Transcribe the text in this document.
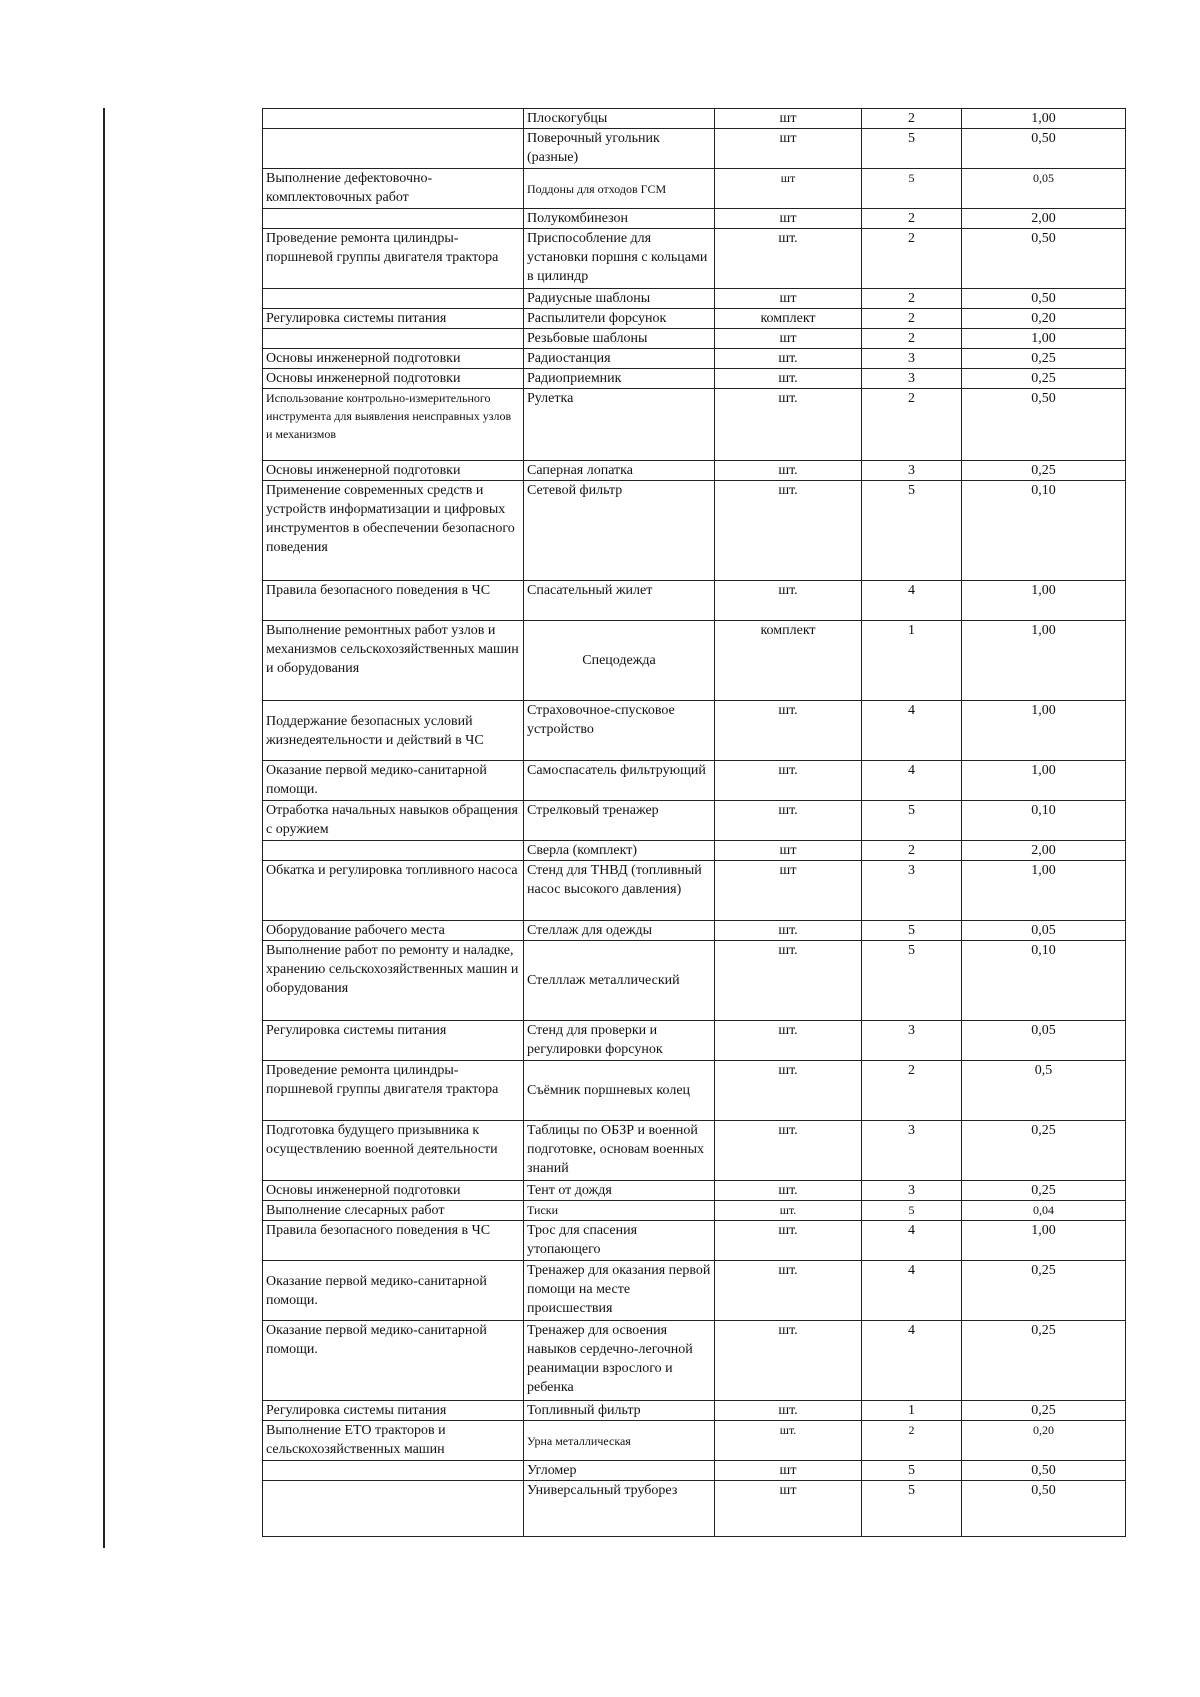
	Плоскогубцы	шт	2	1,00
	Поверочный угольник (разные)	шт	5	0,50
Выполнение дефектовочно-комплектовочных работ	Поддоны для отходов ГСМ	шт	5	0,05
	Полукомбинезон	шт	2	2,00
Проведение ремонта цилиндры-поршневой группы двигателя трактора	Приспособление для установки поршня с кольцами в цилиндр	шт.	2	0,50
	Радиусные шаблоны	шт	2	0,50
Регулировка системы питания	Распылители форсунок	комплект	2	0,20
	Резьбовые шаблоны	шт	2	1,00
Основы инженерной подготовки	Радиостанция	шт.	3	0,25
Основы инженерной подготовки	Радиоприемник	шт.	3	0,25
Использование контрольно-измерительного инструмента для выявления неисправных узлов и механизмов	Рулетка	шт.	2	0,50
Основы инженерной подготовки	Саперная лопатка	шт.	3	0,25
Применение современных средств и устройств информатизации и цифровых инструментов в обеспечении безопасного поведения	Сетевой фильтр	шт.	5	0,10
Правила безопасного поведения в ЧС	Спасательный жилет	шт.	4	1,00
Выполнение ремонтных работ узлов и механизмов сельскохозяйственных машин и оборудования	Спецодежда	комплект	1	1,00
Поддержание безопасных условий жизнедеятельности и действий в ЧС	Страховочное-спусковое устройство	шт.	4	1,00
Оказание первой медико-санитарной помощи.	Самоспасатель фильтрующий	шт.	4	1,00
Отработка начальных навыков обращения с оружием	Стрелковый тренажер	шт.	5	0,10
	Сверла (комплект)	шт	2	2,00
Обкатка и регулировка топливного насоса	Стенд для ТНВД (топливный насос высокого давления)	шт	3	1,00
Оборудование рабочего места	Стеллаж для одежды	шт.	5	0,05
Выполнение работ по ремонту и наладке, хранению сельскохозяйственных машин и оборудования	Стелллаж металлический	шт.	5	0,10
Регулировка системы питания	Стенд для проверки и регулировки форсунок	шт.	3	0,05
Проведение ремонта цилиндры-поршневой группы двигателя трактора	Съёмник поршневых колец	шт.	2	0,5
Подготовка будущего призывника к осуществлению военной деятельности	Таблицы по ОБЗР и военной подготовке, основам военных знаний	шт.	3	0,25
Основы инженерной подготовки	Тент от дождя	шт.	3	0,25
Выполнение слесарных работ	Тиски	шт.	5	0,04
Правила безопасного поведения в ЧС	Трос для спасения утопающего	шт.	4	1,00
Оказание первой медико-санитарной помощи.	Тренажер для оказания первой помощи на месте происшествия	шт.	4	0,25
Оказание первой медико-санитарной помощи.	Тренажер для освоения навыков сердечно-легочной реанимации взрослого и ребенка	шт.	4	0,25
Регулировка системы питания	Топливный фильтр	шт.	1	0,25
Выполнение ЕТО тракторов и сельскохозяйственных машин	Урна металлическая	шт.	2	0,20
	Угломер	шт	5	0,50
	Универсальный труборез	шт	5	0,50
